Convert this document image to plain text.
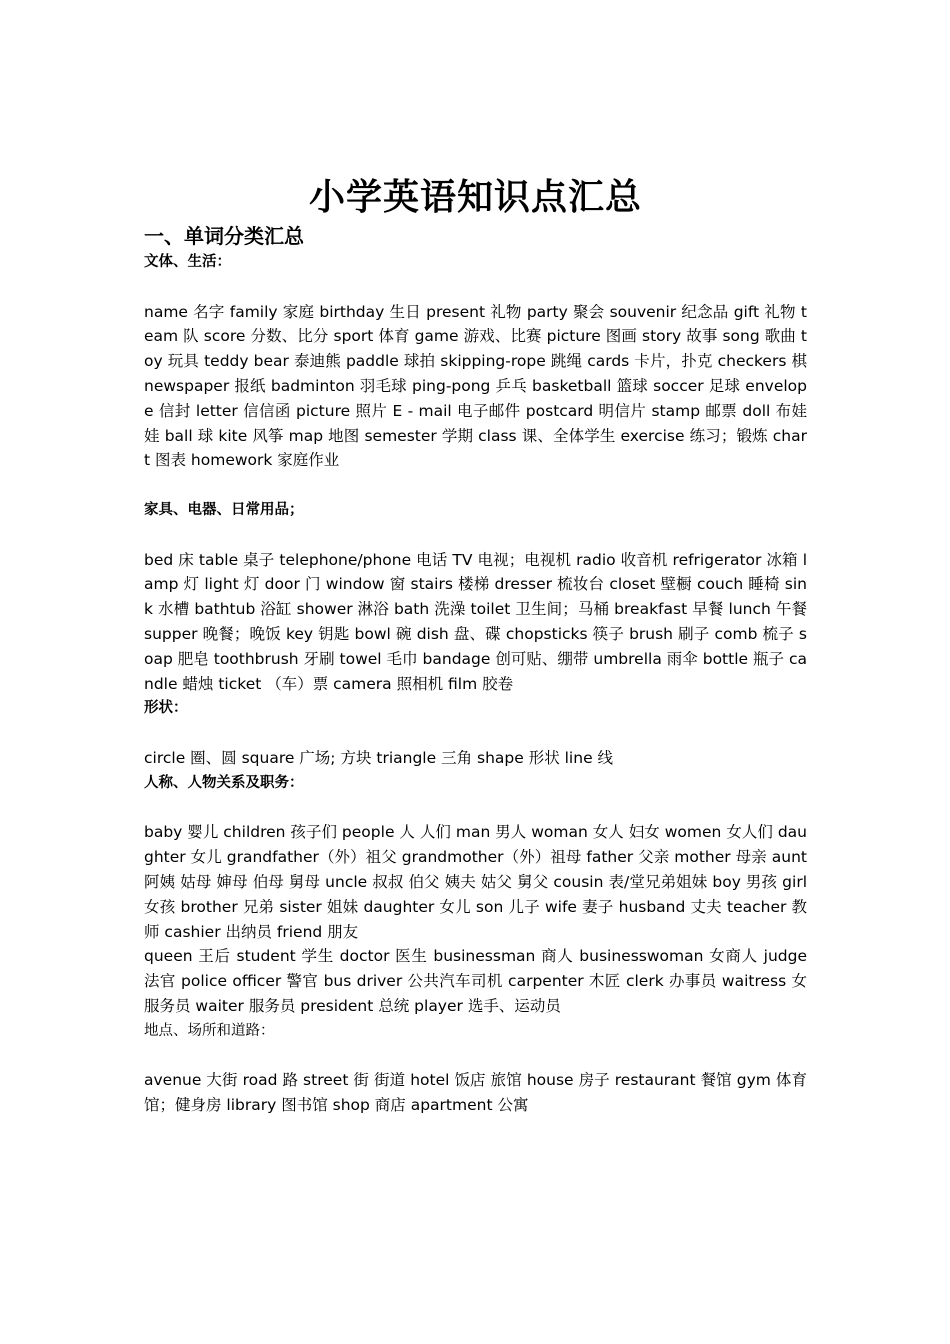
小学英语知识点汇总
一、单词分类汇总

文体、生活：

name 名字 family 家庭 birthday 生日 present 礼物 party 聚会 souvenir 纪念品 gift 礼物 team 队 score 分数、比分 sport 体育 game 游戏、比赛 picture 图画 story 故事 song 歌曲 toy 玩具 teddy bear 泰迪熊 paddle 球拍 skipping-rope 跳绳 cards 卡片，扑克 checkers 棋 newspaper 报纸 badminton 羽毛球 ping-pong 乒乓 basketball 篮球 soccer 足球 envelope 信封 letter 信信函 picture 照片 E - mail 电子邮件 postcard 明信片 stamp 邮票 doll 布娃娃 ball 球 kite 风筝 map 地图 semester 学期 class 课、全体学生 exercise 练习；锻炼 chart 图表 homework 家庭作业

家具、电器、日常用品；

bed 床 table 桌子 telephone/phone 电话 TV 电视；电视机 radio 收音机 refrigerator 冰箱 lamp 灯 light 灯 door 门 window 窗 stairs 楼梯 dresser 梳妆台 closet 壁橱 couch 睡椅 sink 水槽 bathtub 浴缸 shower 淋浴 bath 洗澡 toilet 卫生间；马桶 breakfast 早餐 lunch 午餐 supper 晚餐；晚饭 key 钥匙 bowl 碗 dish 盘、碟 chopsticks 筷子 brush 刷子 comb 梳子 soap 肥皂 toothbrush 牙刷 towel 毛巾 bandage 创可贴、绷带 umbrella 雨伞 bottle 瓶子 candle 蜡烛 ticket （车）票 camera 照相机 film 胶卷

形状：

circle 圈、圆 square 广场; 方块 triangle 三角 shape 形状 line 线

人称、人物关系及职务：

baby 婴儿 children 孩子们 people 人 人们 man 男人 woman 女人 妇女 women 女人们 daughter 女儿 grandfather（外）祖父 grandmother（外）祖母 father 父亲 mother 母亲 aunt 阿姨 姑母 婶母 伯母 舅母 uncle 叔叔 伯父 姨夫 姑父 舅父 cousin 表/堂兄弟姐妹 boy 男孩 girl 女孩 brother 兄弟 sister 姐妹 daughter 女儿 son 儿子 wife 妻子 husband 丈夫 teacher 教师 cashier 出纳员 friend 朋友

queen 王后 student 学生 doctor 医生 businessman 商人 businesswoman 女商人 judge 法官 police officer 警官 bus driver 公共汽车司机 carpenter 木匠 clerk 办事员 waitress 女服务员 waiter 服务员 president 总统 player 选手、运动员

地点、场所和道路：

avenue 大街 road 路 street 街 街道 hotel 饭店 旅馆 house 房子 restaurant 餐馆 gym 体育馆；健身房 library 图书馆 shop 商店 apartment 公寓
